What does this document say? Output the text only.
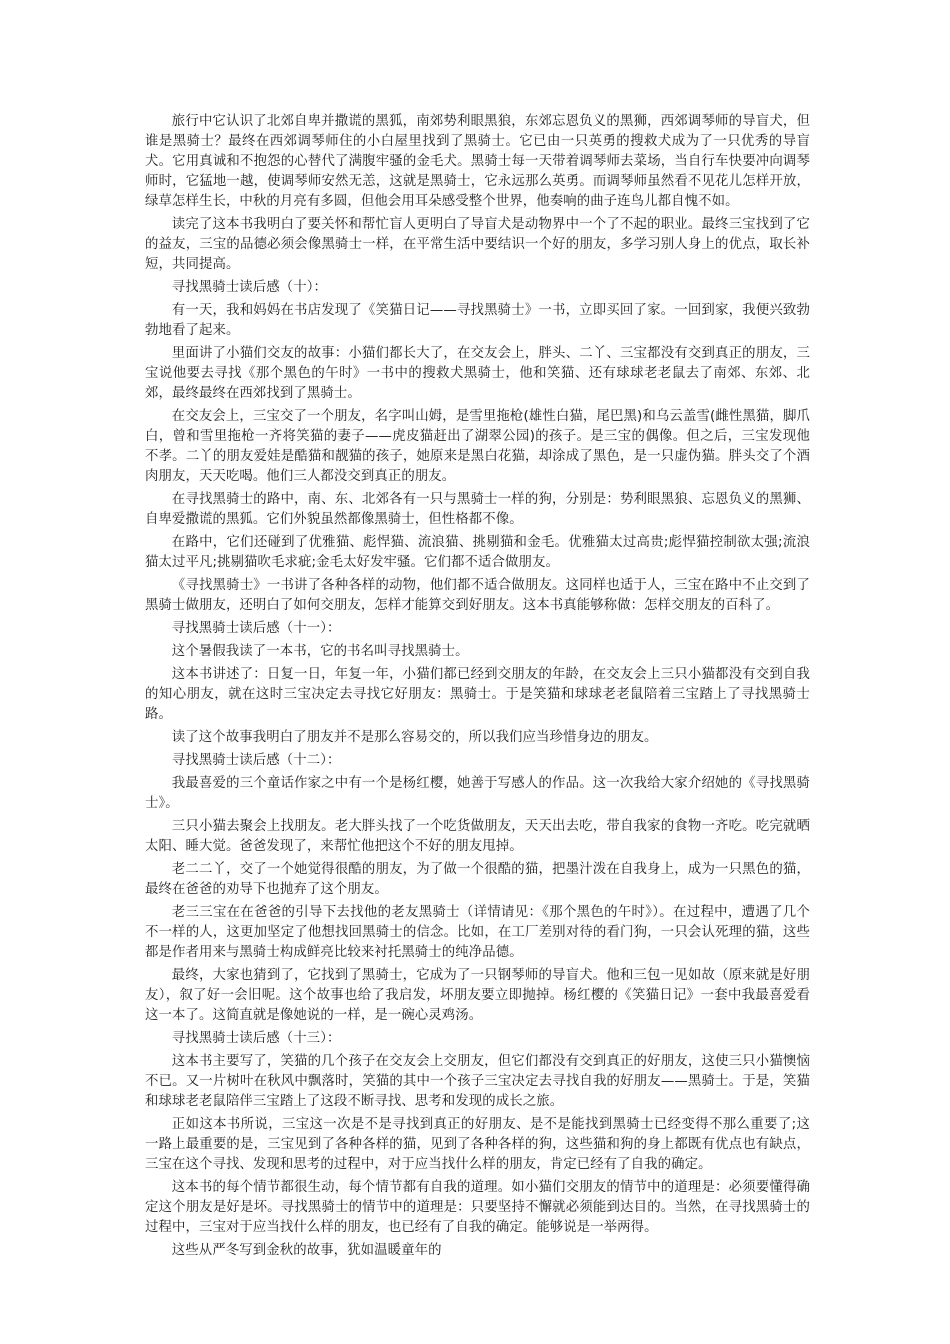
旅行中它认识了北郊自卑并撒谎的黑狐，南郊势利眼黑狼，东郊忘恩负义的黑狮，西郊调琴师的导盲犬，但谁是黑骑士？最终在西郊调琴师住的小白屋里找到了黑骑士。它已由一只英勇的搜救犬成为了一只优秀的导盲犬。它用真诚和不抱怨的心替代了满腹牢骚的金毛犬。黑骑士每一天带着调琴师去菜场，当自行车快要冲向调琴师时，它猛地一越，使调琴师安然无恙，这就是黑骑士，它永远那么英勇。而调琴师虽然看不见花儿怎样开放，绿草怎样生长，中秋的月亮有多圆，但他会用耳朵感受整个世界，他奏响的曲子连鸟儿都自愧不如。

读完了这本书我明白了要关怀和帮忙盲人更明白了导盲犬是动物界中一个了不起的职业。最终三宝找到了它的益友，三宝的品德必须会像黑骑士一样，在平常生活中要结识一个好的朋友，多学习别人身上的优点，取长补短，共同提高。

寻找黑骑士读后感（十）：

有一天，我和妈妈在书店发现了《笑猫日记——寻找黑骑士》一书，立即买回了家。一回到家，我便兴致勃勃地看了起来。

里面讲了小猫们交友的故事：小猫们都长大了，在交友会上，胖头、二丫、三宝都没有交到真正的朋友，三宝说他要去寻找《那个黑色的午时》一书中的搜救犬黑骑士，他和笑猫、还有球球老老鼠去了南郊、东郊、北郊，最终最终在西郊找到了黑骑士。

在交友会上，三宝交了一个朋友，名字叫山姆，是雪里拖枪(雄性白猫，尾巴黑)和乌云盖雪(雌性黑猫，脚爪白，曾和雪里拖枪一齐将笑猫的妻子——虎皮猫赶出了湖翠公园)的孩子。是三宝的偶像。但之后，三宝发现他不孝。二丫的朋友爱娃是酷猫和靓猫的孩子，她原来是黑白花猫，却涂成了黑色，是一只虚伪猫。胖头交了个酒肉朋友，天天吃喝。他们三人都没交到真正的朋友。

在寻找黑骑士的路中，南、东、北郊各有一只与黑骑士一样的狗，分别是：势利眼黑狼、忘恩负义的黑狮、自卑爱撒谎的黑狐。它们外貌虽然都像黑骑士，但性格都不像。

在路中，它们还碰到了优雅猫、彪悍猫、流浪猫、挑剔猫和金毛。优雅猫太过高贵;彪悍猫控制欲太强;流浪猫太过平凡;挑剔猫吹毛求疵;金毛太好发牢骚。它们都不适合做朋友。

《寻找黑骑士》一书讲了各种各样的动物，他们都不适合做朋友。这同样也适于人，三宝在路中不止交到了黑骑士做朋友，还明白了如何交朋友，怎样才能算交到好朋友。这本书真能够称做：怎样交朋友的百科了。

寻找黑骑士读后感（十一）：

这个暑假我读了一本书，它的书名叫寻找黑骑士。

这本书讲述了：日复一日，年复一年，小猫们都已经到交朋友的年龄，在交友会上三只小猫都没有交到自我的知心朋友，就在这时三宝决定去寻找它好朋友：黑骑士。于是笑猫和球球老老鼠陪着三宝踏上了寻找黑骑士路。

读了这个故事我明白了朋友并不是那么容易交的，所以我们应当珍惜身边的朋友。

寻找黑骑士读后感（十二）：

我最喜爱的三个童话作家之中有一个是杨红樱，她善于写感人的作品。这一次我给大家介绍她的《寻找黑骑士》。

三只小猫去聚会上找朋友。老大胖头找了一个吃货做朋友，天天出去吃，带自我家的食物一齐吃。吃完就晒太阳、睡大觉。爸爸发现了，来帮忙他把这个不好的朋友甩掉。

老二二丫，交了一个她觉得很酷的朋友，为了做一个很酷的猫，把墨汁泼在自我身上，成为一只黑色的猫，最终在爸爸的劝导下也抛弃了这个朋友。

老三三宝在在爸爸的引导下去找他的老友黑骑士（详情请见：《那个黑色的午时》）。在过程中，遭遇了几个不一样的人，这更加坚定了他想找回黑骑士的信念。比如，在工厂差别对待的看门狗，一只会认死理的猫，这些都是作者用来与黑骑士构成鲜亮比较来衬托黑骑士的纯净品德。

最终，大家也猜到了，它找到了黑骑士，它成为了一只钢琴师的导盲犬。他和三包一见如故（原来就是好朋友），叙了好一会旧呢。这个故事也给了我启发，坏朋友要立即抛掉。杨红樱的《笑猫日记》一套中我最喜爱看这一本了。这简直就是像她说的一样，是一碗心灵鸡汤。

寻找黑骑士读后感（十三）：

这本书主要写了，笑猫的几个孩子在交友会上交朋友，但它们都没有交到真正的好朋友，这使三只小猫懊恼不已。又一片树叶在秋风中飘落时，笑猫的其中一个孩子三宝决定去寻找自我的好朋友——黑骑士。于是，笑猫和球球老老鼠陪伴三宝踏上了这段不断寻找、思考和发现的成长之旅。

正如这本书所说，三宝这一次是不是寻找到真正的好朋友、是不是能找到黑骑士已经变得不那么重要了;这一路上最重要的是，三宝见到了各种各样的猫，见到了各种各样的狗，这些猫和狗的身上都既有优点也有缺点，三宝在这个寻找、发现和思考的过程中，对于应当找什么样的朋友，肯定已经有了自我的确定。

这本书的每个情节都很生动，每个情节都有自我的道理。如小猫们交朋友的情节中的道理是：必须要懂得确定这个朋友是好是坏。寻找黑骑士的情节中的道理是：只要坚持不懈就必须能到达目的。当然，在寻找黑骑士的过程中，三宝对于应当找什么样的朋友，也已经有了自我的确定。能够说是一举两得。

这些从严冬写到金秋的故事，犹如温暖童年的
